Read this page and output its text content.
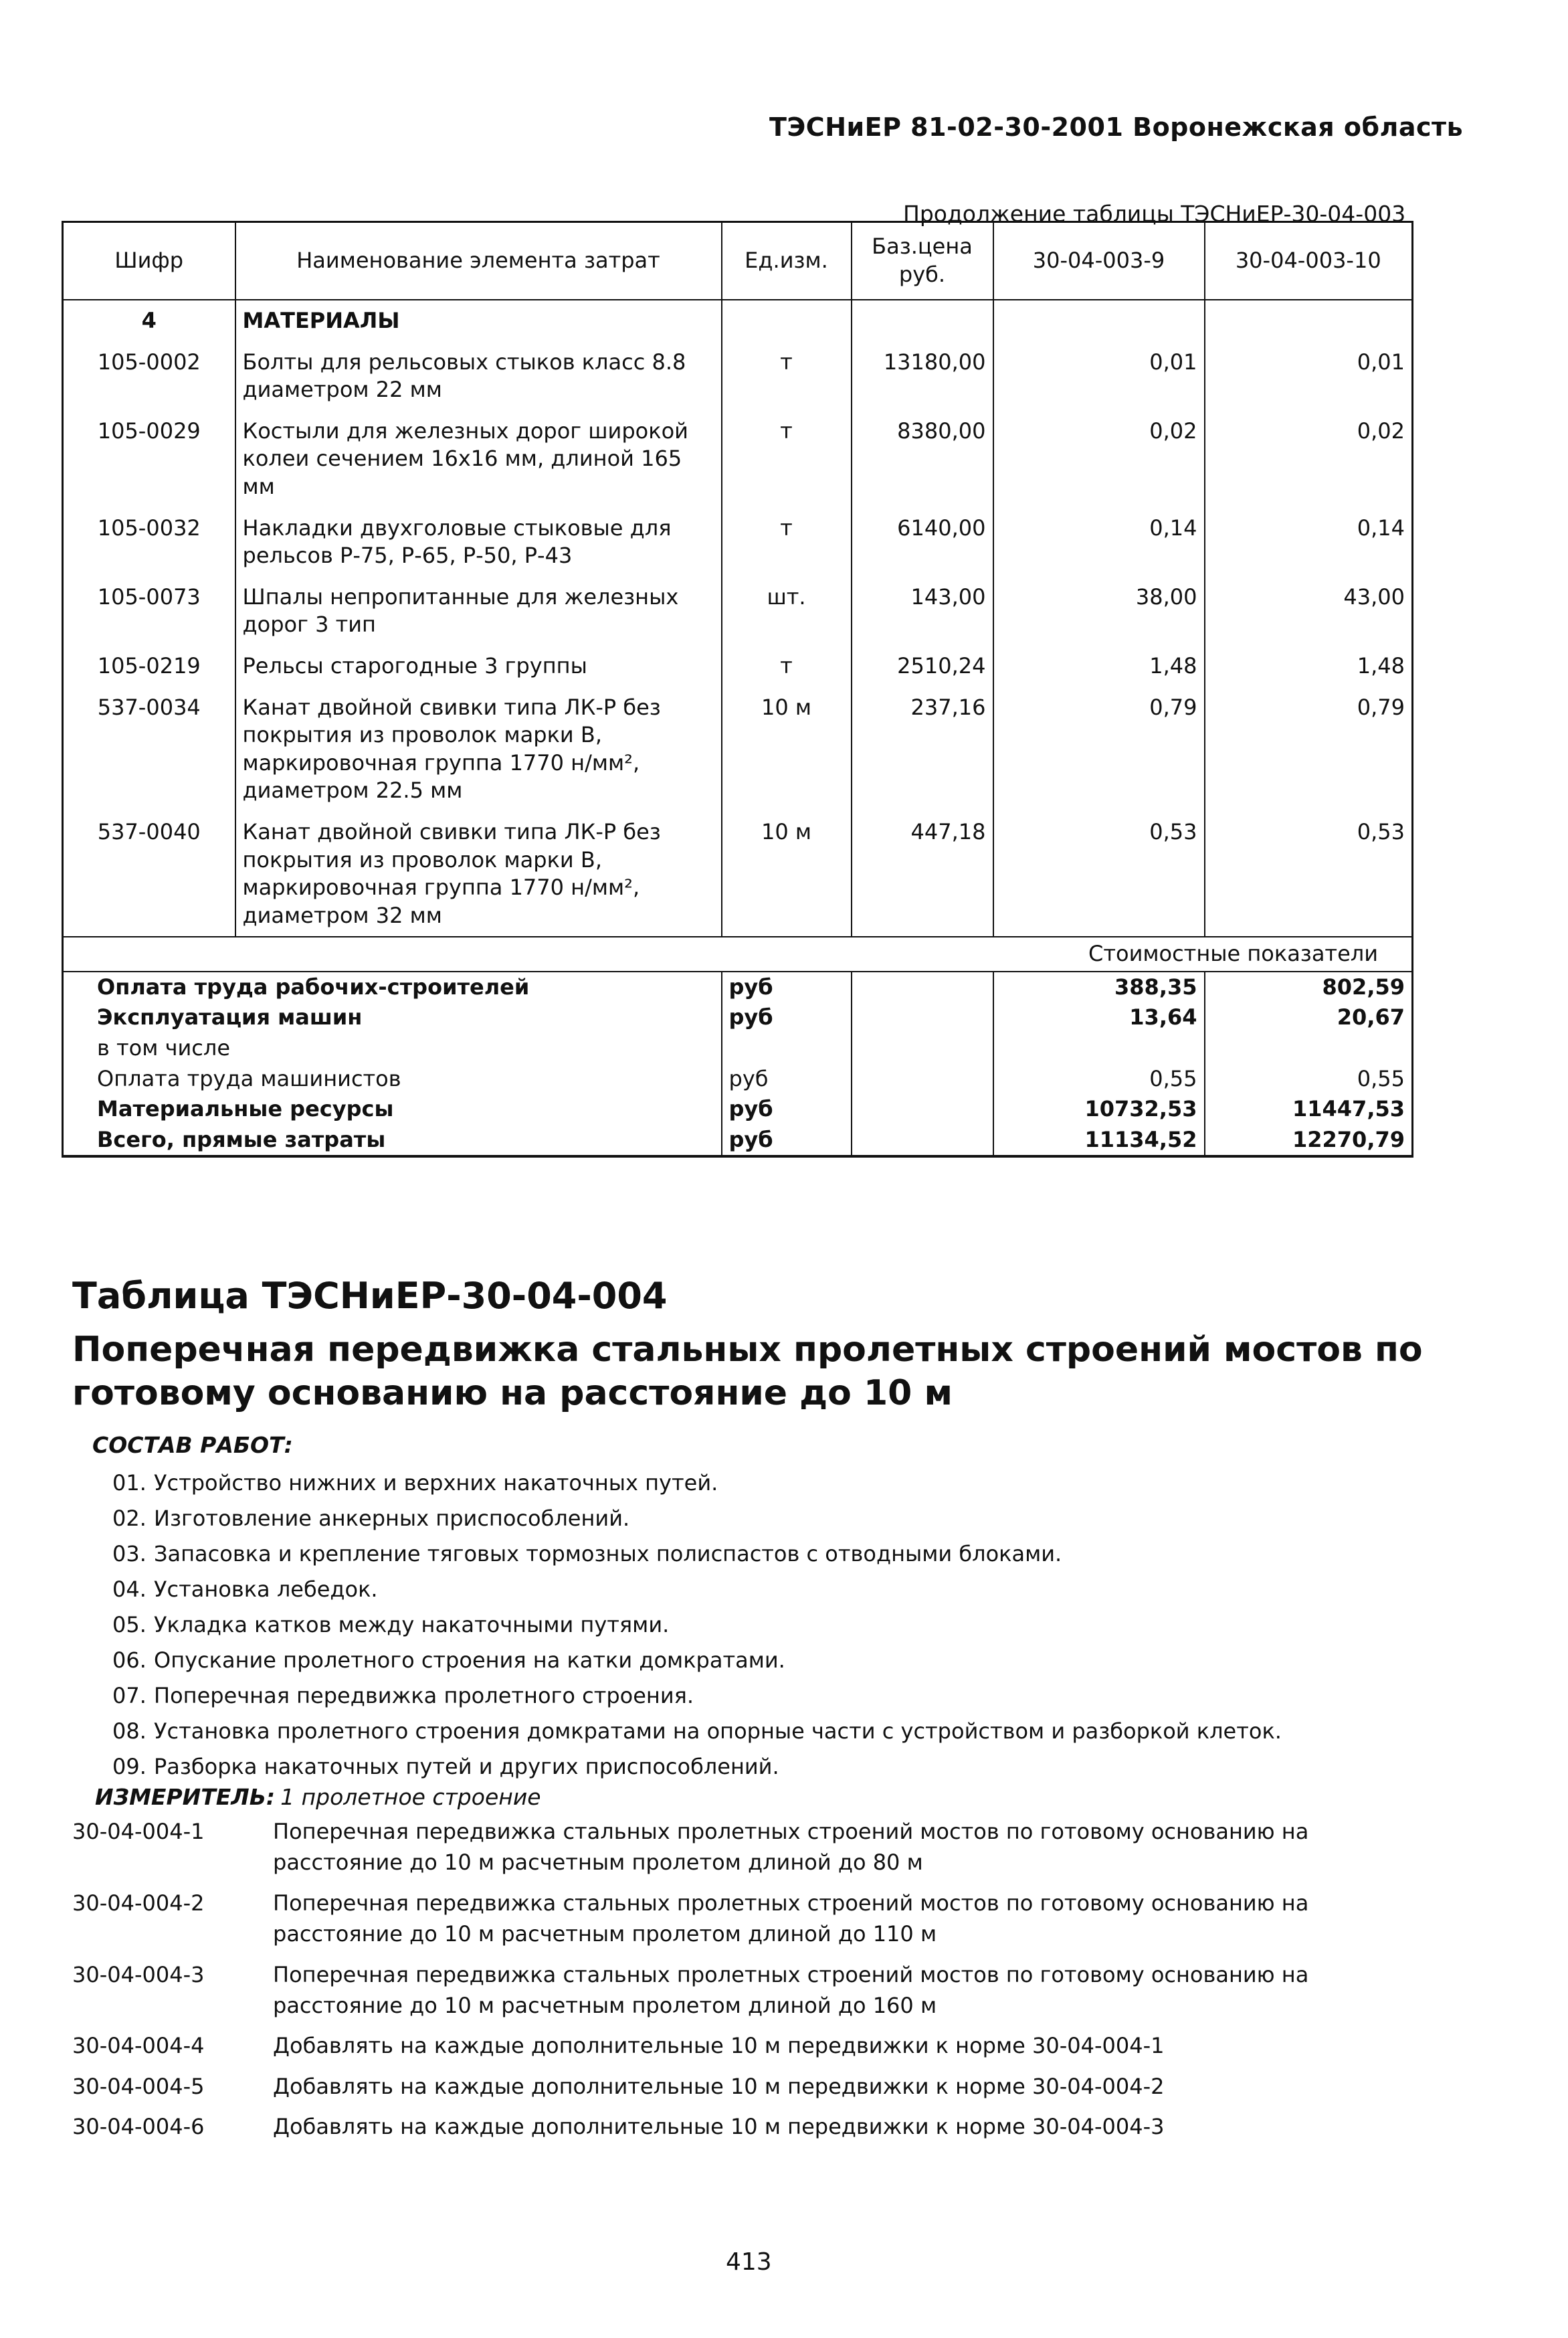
ТЭСНиЕР 81-02-30-2001 Воронежская область
Продолжение таблицы ТЭСНиЕР-30-04-003
Шифр	Наименование элемента затрат	Ед.изм.	Баз.цена руб.	30-04-003-9	30-04-003-10
4	МАТЕРИАЛЫ				
105-0002	Болты для рельсовых стыков класс 8.8 диаметром 22 мм	т	13180,00	0,01	0,01
105-0029	Костыли для железных дорог широкой колеи сечением 16х16 мм, длиной 165 мм	т	8380,00	0,02	0,02
105-0032	Накладки двухголовые стыковые для рельсов Р-75, Р-65, Р-50, Р-43	т	6140,00	0,14	0,14
105-0073	Шпалы непропитанные для железных дорог 3 тип	шт.	143,00	38,00	43,00
105-0219	Рельсы старогодные 3 группы	т	2510,24	1,48	1,48
537-0034	Канат двойной свивки типа ЛК-Р без покрытия из проволок марки В, маркировочная группа 1770 н/мм², диаметром 22.5 мм	10 м	237,16	0,79	0,79
537-0040	Канат двойной свивки типа ЛК-Р без покрытия из проволок марки В, маркировочная группа 1770 н/мм², диаметром 32 мм	10 м	447,18	0,53	0,53
Стоимостные показатели					
Оплата труда рабочих-строителей		руб		388,35	802,59
Эксплуатация машин		руб		13,64	20,67
в том числе					
Оплата труда машинистов		руб		0,55	0,55
Материальные ресурсы		руб		10732,53	11447,53
Всего, прямые затраты		руб		11134,52	12270,79
Таблица ТЭСНиЕР-30-04-004
Поперечная передвижка стальных пролетных строений мостов по готовому основанию на расстояние до 10 м
СОСТАВ РАБОТ:
01. Устройство нижних и верхних накаточных путей.
02. Изготовление анкерных приспособлений.
03. Запасовка и крепление тяговых тормозных полиспастов с отводными блоками.
04. Установка лебедок.
05. Укладка катков между накаточными путями.
06. Опускание пролетного строения на катки домкратами.
07. Поперечная передвижка пролетного строения.
08. Установка пролетного строения домкратами на опорные части с устройством и разборкой клеток.
09. Разборка накаточных путей и других приспособлений.
ИЗМЕРИТЕЛЬ: 1 пролетное строение
30-04-004-1	Поперечная передвижка стальных пролетных строений мостов по готовому основанию на расстояние до 10 м расчетным пролетом длиной до 80 м
30-04-004-2	Поперечная передвижка стальных пролетных строений мостов по готовому основанию на расстояние до 10 м расчетным пролетом длиной до 110 м
30-04-004-3	Поперечная передвижка стальных пролетных строений мостов по готовому основанию на расстояние до 10 м расчетным пролетом длиной до 160 м
30-04-004-4	Добавлять на каждые дополнительные 10 м передвижки к норме 30-04-004-1
30-04-004-5	Добавлять на каждые дополнительные 10 м передвижки к норме 30-04-004-2
30-04-004-6	Добавлять на каждые дополнительные 10 м передвижки к норме 30-04-004-3
413
